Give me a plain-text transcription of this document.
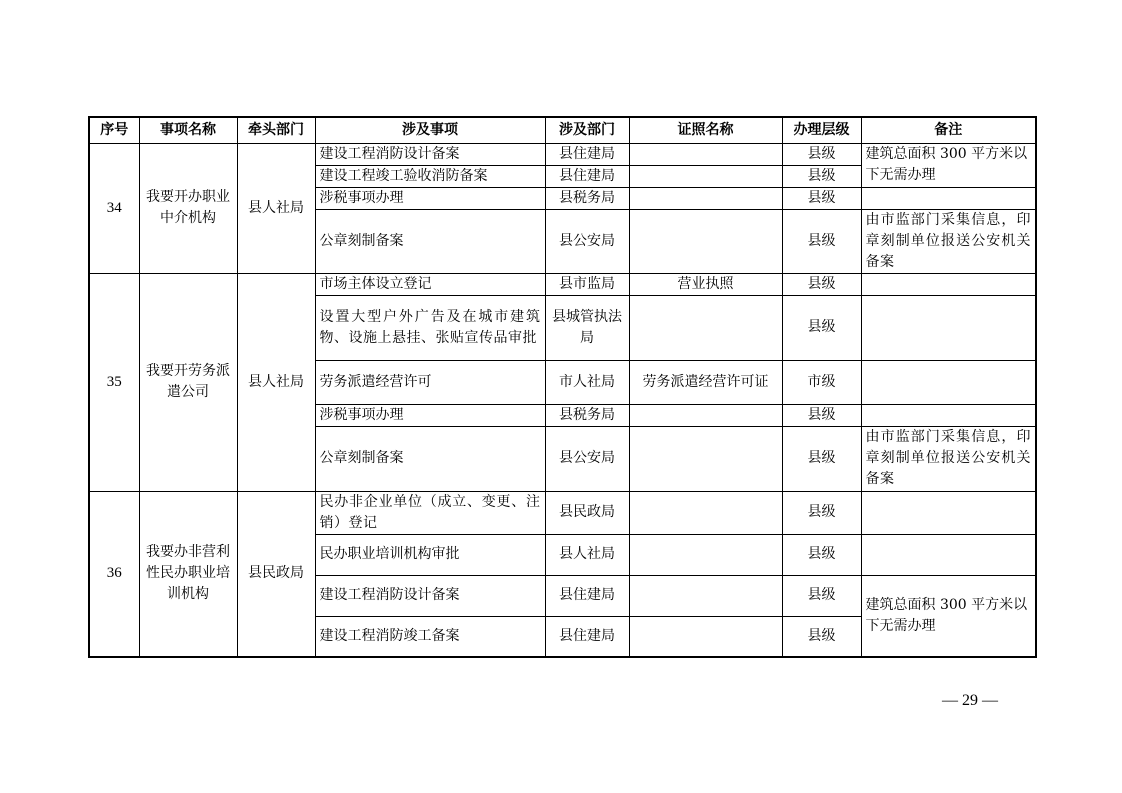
序号	事项名称	牵头部门	涉及事项	涉及部门	证照名称	办理层级	备注
34	我要开办职业中介机构	县人社局	建设工程消防设计备案	县住建局		县级	建筑总面积 300 平方米以下无需办理
			建设工程竣工验收消防备案	县住建局		县级	
			涉税事项办理	县税务局		县级	
			公章刻制备案	县公安局		县级	由市监部门采集信息，印章刻制单位报送公安机关备案
35	我要开劳务派遣公司	县人社局	市场主体设立登记	县市监局	营业执照	县级	
			设置大型户外广告及在城市建筑物、设施上悬挂、张贴宣传品审批	县城管执法局		县级	
			劳务派遣经营许可	市人社局	劳务派遣经营许可证	市级	
			涉税事项办理	县税务局		县级	
			公章刻制备案	县公安局		县级	由市监部门采集信息，印章刻制单位报送公安机关备案
36	我要办非营利性民办职业培训机构	县民政局	民办非企业单位（成立、变更、注销）登记	县民政局		县级	
			民办职业培训机构审批	县人社局		县级	
			建设工程消防设计备案	县住建局		县级	建筑总面积 300 平方米以下无需办理
			建设工程消防竣工备案	县住建局		县级	
— 29 —
